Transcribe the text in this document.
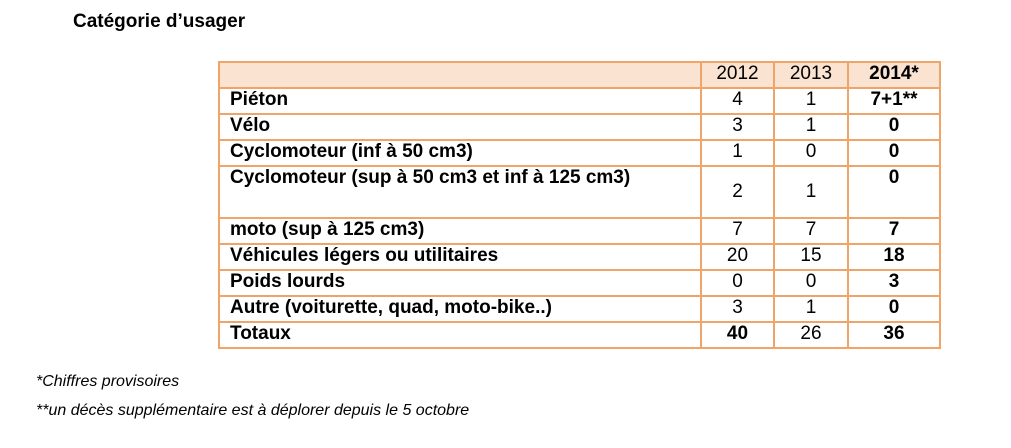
Catégorie d’usager
	2012	2013	2014*
Piéton	4	1	7+1**
Vélo	3	1	0
Cyclomoteur (inf à 50 cm3)	1	0	0
Cyclomoteur (sup à 50 cm3 et inf à 125 cm3)	2	1	0
moto (sup à 125 cm3)	7	7	7
Véhicules légers ou utilitaires	20	15	18
Poids lourds	0	0	3
Autre (voiturette, quad, moto-bike..)	3	1	0
Totaux	40	26	36
*Chiffres provisoires
**un décès supplémentaire est à déplorer depuis le 5 octobre
